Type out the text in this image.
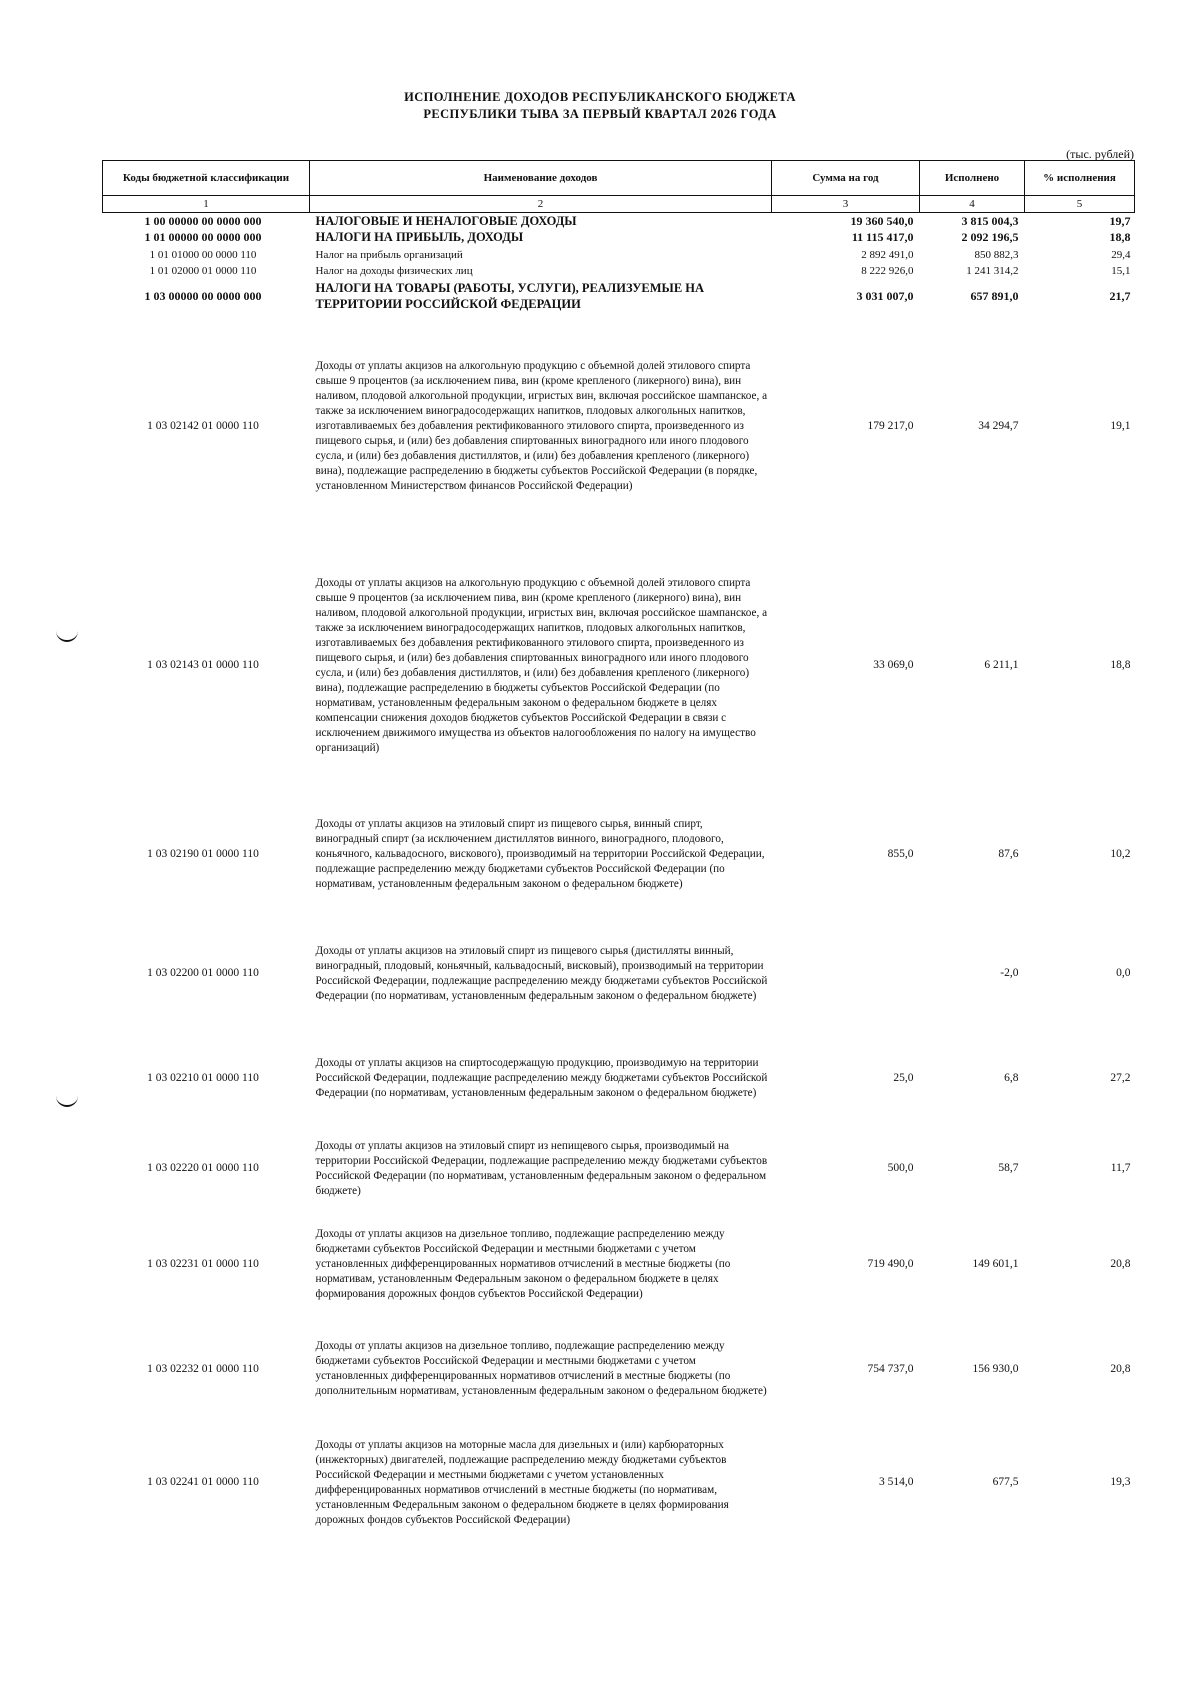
ИСПОЛНЕНИЕ ДОХОДОВ РЕСПУБЛИКАНСКОГО БЮДЖЕТА
РЕСПУБЛИКИ ТЫВА ЗА ПЕРВЫЙ КВАРТАЛ 2026 ГОДА
(тыс. рублей)
Коды бюджетной классификации	Наименование доходов	Сумма на год	Исполнено	% исполнения
1	2	3	4	5
1 00 00000 00 0000 000	НАЛОГОВЫЕ И НЕНАЛОГОВЫЕ ДОХОДЫ	19 360 540,0	3 815 004,3	19,7
1 01 00000 00 0000 000	НАЛОГИ НА ПРИБЫЛЬ, ДОХОДЫ	11 115 417,0	2 092 196,5	18,8
1 01 01000 00 0000 110	Налог на прибыль организаций	2 892 491,0	850 882,3	29,4
1 01 02000 01 0000 110	Налог на доходы физических лиц	8 222 926,0	1 241 314,2	15,1
1 03 00000 00 0000 000	НАЛОГИ НА ТОВАРЫ (РАБОТЫ, УСЛУГИ), РЕАЛИЗУЕМЫЕ НА ТЕРРИТОРИИ РОССИЙСКОЙ ФЕДЕРАЦИИ	3 031 007,0	657 891,0	21,7
1 03 02142 01 0000 110	Доходы от уплаты акцизов на алкогольную продукцию с объемной долей этилового спирта свыше 9 процентов (за исключением пива, вин (кроме крепленого (ликерного) вина), вин наливом, плодовой алкогольной продукции, игристых вин, включая российское шампанское, а также за исключением виноградосодержащих напитков, плодовых алкогольных напитков, изготавливаемых без добавления ректификованного этилового спирта, произведенного из пищевого сырья, и (или) без добавления спиртованных виноградного или иного плодового сусла, и (или) без добавления дистиллятов, и (или) без добавления крепленого (ликерного) вина), подлежащие распределению в бюджеты субъектов Российской Федерации (в порядке, установленном Министерством финансов Российской Федерации)	179 217,0	34 294,7	19,1
1 03 02143 01 0000 110	Доходы от уплаты акцизов на алкогольную продукцию с объемной долей этилового спирта свыше 9 процентов (за исключением пива, вин (кроме крепленого (ликерного) вина), вин наливом, плодовой алкогольной продукции, игристых вин, включая российское шампанское, а также за исключением виноградосодержащих напитков, плодовых алкогольных напитков, изготавливаемых без добавления ректификованного этилового спирта, произведенного из пищевого сырья, и (или) без добавления спиртованных виноградного или иного плодового сусла, и (или) без добавления дистиллятов, и (или) без добавления крепленого (ликерного) вина), подлежащие распределению в бюджеты субъектов Российской Федерации (по нормативам, установленным федеральным законом о федеральном бюджете в целях компенсации снижения доходов бюджетов субъектов Российской Федерации в связи с исключением движимого имущества из объектов налогообложения по налогу на имущество организаций)	33 069,0	6 211,1	18,8
1 03 02190 01 0000 110	Доходы от уплаты акцизов на этиловый спирт из пищевого сырья, винный спирт, виноградный спирт (за исключением дистиллятов винного, виноградного, плодового, коньячного, кальвадосного, вискового), производимый на территории Российской Федерации, подлежащие распределению между бюджетами субъектов Российской Федерации (по нормативам, установленным федеральным законом о федеральном бюджете)	855,0	87,6	10,2
1 03 02200 01 0000 110	Доходы от уплаты акцизов на этиловый спирт из пищевого сырья (дистилляты винный, виноградный, плодовый, коньячный, кальвадосный, висковый), производимый на территории Российской Федерации, подлежащие распределению между бюджетами субъектов Российской Федерации (по нормативам, установленным федеральным законом о федеральном бюджете)		-2,0	0,0
1 03 02210 01 0000 110	Доходы от уплаты акцизов на спиртосодержащую продукцию, производимую на территории Российской Федерации, подлежащие распределению между бюджетами субъектов Российской Федерации (по нормативам, установленным федеральным законом о федеральном бюджете)	25,0	6,8	27,2
1 03 02220 01 0000 110	Доходы от уплаты акцизов на этиловый спирт из непищевого сырья, производимый на территории Российской Федерации, подлежащие распределению между бюджетами субъектов Российской Федерации (по нормативам, установленным федеральным законом о федеральном бюджете)	500,0	58,7	11,7
1 03 02231 01 0000 110	Доходы от уплаты акцизов на дизельное топливо, подлежащие распределению между бюджетами субъектов Российской Федерации и местными бюджетами с учетом установленных дифференцированных нормативов отчислений в местные бюджеты (по нормативам, установленным Федеральным законом о федеральном бюджете в целях формирования дорожных фондов субъектов Российской Федерации)	719 490,0	149 601,1	20,8
1 03 02232 01 0000 110	Доходы от уплаты акцизов на дизельное топливо, подлежащие распределению между бюджетами субъектов Российской Федерации и местными бюджетами с учетом установленных дифференцированных нормативов отчислений в местные бюджеты (по дополнительным нормативам, установленным федеральным законом о федеральном бюджете)	754 737,0	156 930,0	20,8
1 03 02241 01 0000 110	Доходы от уплаты акцизов на моторные масла для дизельных и (или) карбюраторных (инжекторных) двигателей, подлежащие распределению между бюджетами субъектов Российской Федерации и местными бюджетами с учетом установленных дифференцированных нормативов отчислений в местные бюджеты (по нормативам, установленным Федеральным законом о федеральном бюджете в целях формирования дорожных фондов субъектов Российской Федерации)	3 514,0	677,5	19,3
